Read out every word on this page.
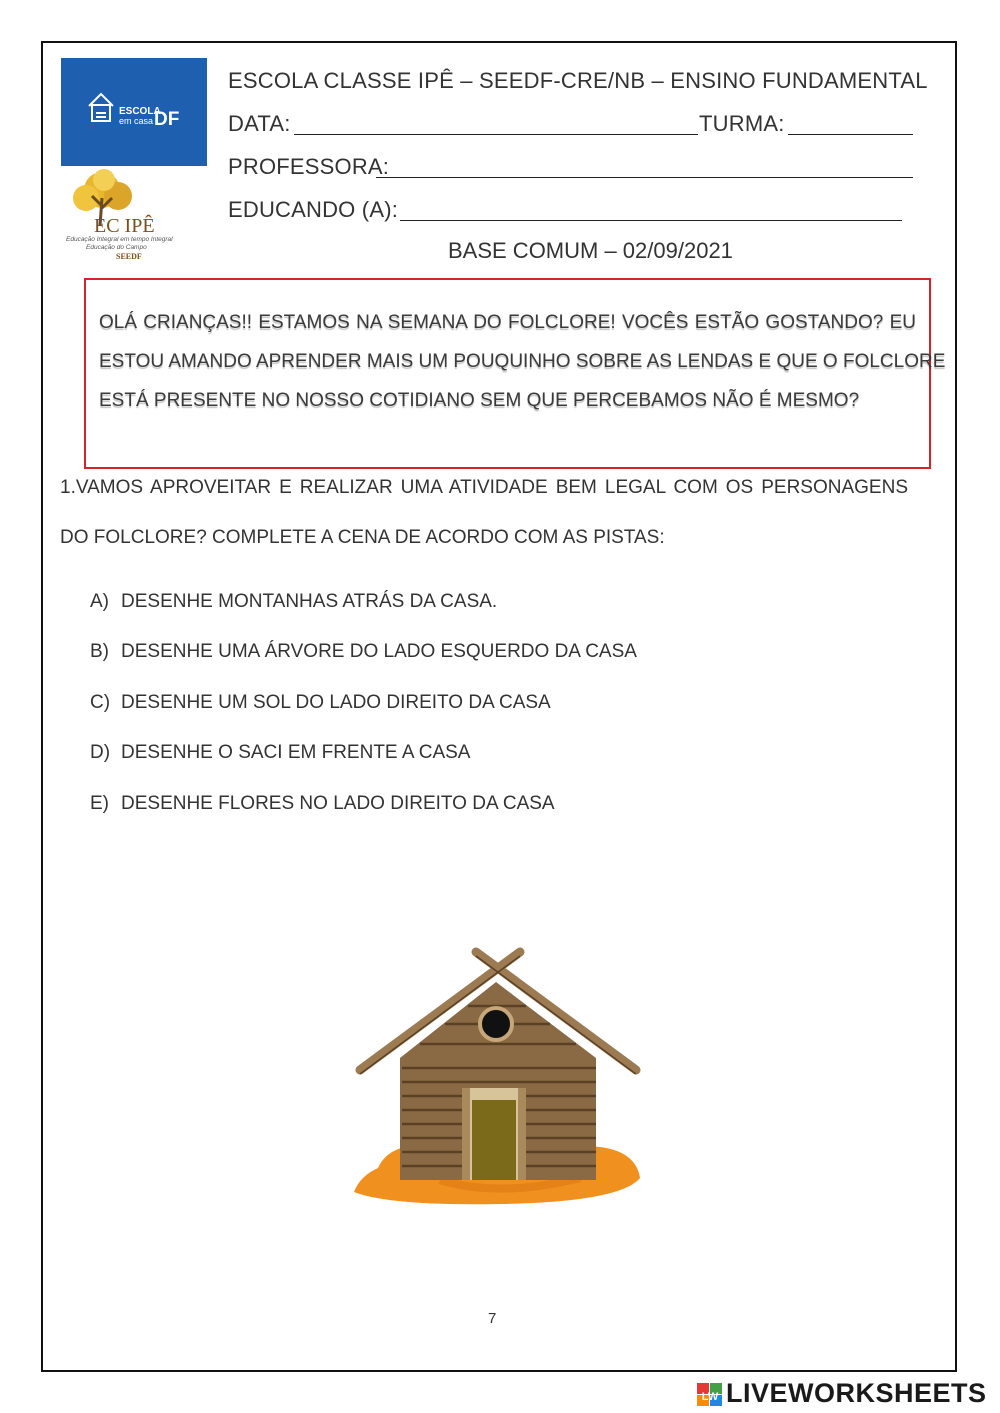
ESCOLA
em casa DF
EC IPÊ
Educação Integral em tempo Integral
Educação do Campo
SEEDF
ESCOLA CLASSE IPÊ – SEEDF-CRE/NB – ENSINO FUNDAMENTAL
DATA:	TURMA:
PROFESSORA:
EDUCANDO (A):
BASE COMUM – 02/09/2021
OLÁ CRIANÇAS!! ESTAMOS NA SEMANA DO FOLCLORE! VOCÊS ESTÃO GOSTANDO? EU
ESTOU AMANDO APRENDER MAIS UM POUQUINHO SOBRE AS LENDAS E QUE O FOLCLORE
ESTÁ PRESENTE NO NOSSO COTIDIANO SEM QUE PERCEBAMOS NÃO É MESMO?
1.VAMOS APROVEITAR E REALIZAR UMA ATIVIDADE BEM LEGAL COM OS PERSONAGENS
DO FOLCLORE? COMPLETE A CENA DE ACORDO COM AS PISTAS:
A) DESENHE MONTANHAS ATRÁS DA CASA.
B) DESENHE UMA ÁRVORE DO LADO ESQUERDO DA CASA
C) DESENHE UM SOL DO LADO DIREITO DA CASA
D) DESENHE O SACI EM FRENTE A CASA
E) DESENHE FLORES NO LADO DIREITO DA CASA
7
LW LIVEWORKSHEETS
